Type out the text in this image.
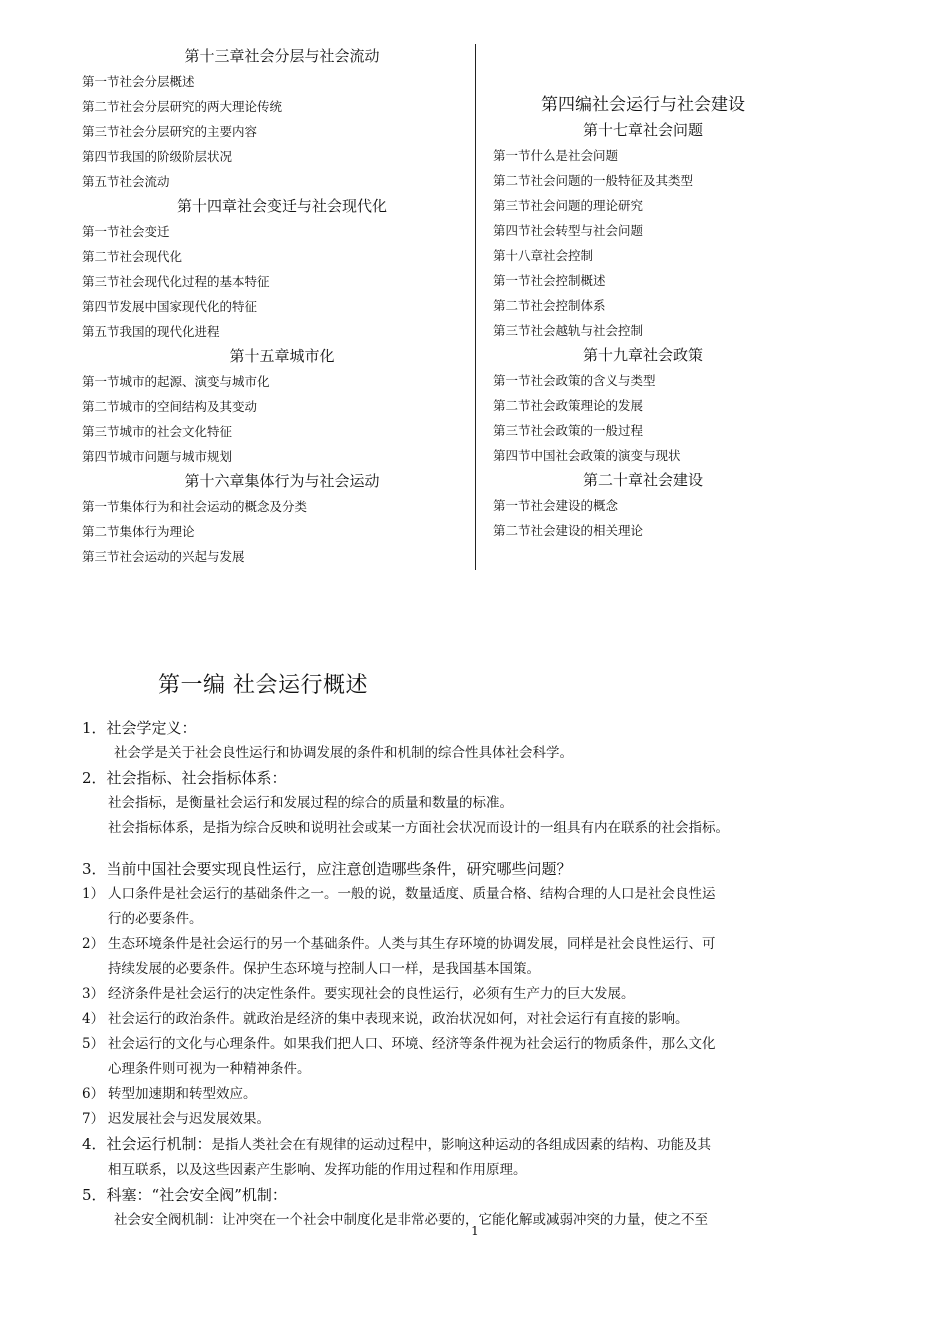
第十三章社会分层与社会流动
第一节社会分层概述
第二节社会分层研究的两大理论传统
第三节社会分层研究的主要内容
第四节我国的阶级阶层状况
第五节社会流动
第十四章社会变迁与社会现代化
第一节社会变迁
第二节社会现代化
第三节社会现代化过程的基本特征
第四节发展中国家现代化的特征
第五节我国的现代化进程
第十五章城市化
第一节城市的起源、演变与城市化
第二节城市的空间结构及其变动
第三节城市的社会文化特征
第四节城市问题与城市规划
第十六章集体行为与社会运动
第一节集体行为和社会运动的概念及分类
第二节集体行为理论
第三节社会运动的兴起与发展
第四编社会运行与社会建设
第十七章社会问题
第一节什么是社会问题
第二节社会问题的一般特征及其类型
第三节社会问题的理论研究
第四节社会转型与社会问题
第十八章社会控制
第一节社会控制概述
第二节社会控制体系
第三节社会越轨与社会控制
第十九章社会政策
第一节社会政策的含义与类型
第二节社会政策理论的发展
第三节社会政策的一般过程
第四节中国社会政策的演变与现状
第二十章社会建设
第一节社会建设的概念
第二节社会建设的相关理论
第一编 社会运行概述
1．社会学定义：
社会学是关于社会良性运行和协调发展的条件和机制的综合性具体社会科学。
2．社会指标、社会指标体系：
社会指标，是衡量社会运行和发展过程的综合的质量和数量的标准。
社会指标体系，是指为综合反映和说明社会或某一方面社会状况而设计的一组具有内在联系的社会指标。
3．当前中国社会要实现良性运行，应注意创造哪些条件，研究哪些问题？
1） 人口条件是社会运行的基础条件之一。一般的说，数量适度、质量合格、结构合理的人口是社会良性运
行的必要条件。
2） 生态环境条件是社会运行的另一个基础条件。人类与其生存环境的协调发展，同样是社会良性运行、可
持续发展的必要条件。保护生态环境与控制人口一样，是我国基本国策。
3） 经济条件是社会运行的决定性条件。要实现社会的良性运行，必须有生产力的巨大发展。
4） 社会运行的政治条件。就政治是经济的集中表现来说，政治状况如何，对社会运行有直接的影响。
5） 社会运行的文化与心理条件。如果我们把人口、环境、经济等条件视为社会运行的物质条件，那么文化
心理条件则可视为一种精神条件。
6） 转型加速期和转型效应。
7） 迟发展社会与迟发展效果。
4．社会运行机制：是指人类社会在有规律的运动过程中，影响这种运动的各组成因素的结构、功能及其
相互联系，以及这些因素产生影响、发挥功能的作用过程和作用原理。
5．科塞：“社会安全阀”机制：
社会安全阀机制：让冲突在一个社会中制度化是非常必要的，它能化解或减弱冲突的力量，使之不至
1
